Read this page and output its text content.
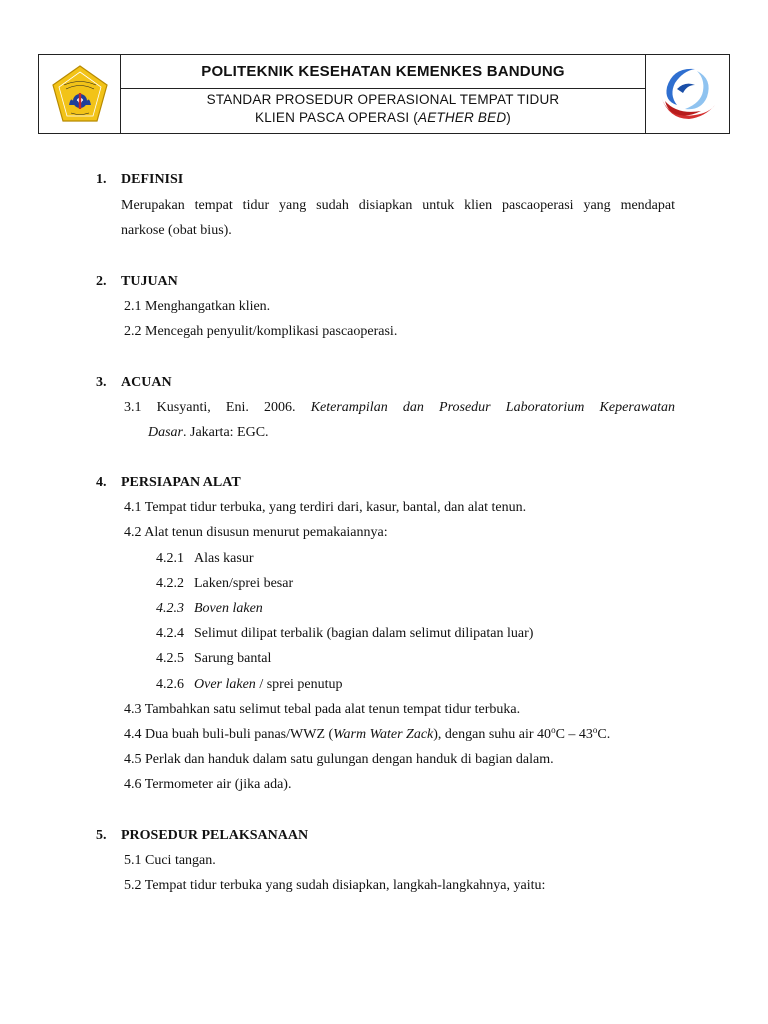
POLITEKNIK KESEHATAN KEMENKES BANDUNG
STANDAR PROSEDUR OPERASIONAL TEMPAT TIDUR
KLIEN PASCA OPERASI (AETHER BED)
1. DEFINISI
Merupakan tempat tidur yang sudah disiapkan untuk klien pascaoperasi yang mendapat
narkose (obat bius).
2. TUJUAN
2.1 Menghangatkan klien.
2.2 Mencegah penyulit/komplikasi pascaoperasi.
3. ACUAN
3.1 Kusyanti, Eni. 2006. Keterampilan dan Prosedur Laboratorium Keperawatan
Dasar. Jakarta: EGC.
4. PERSIAPAN ALAT
4.1 Tempat tidur terbuka, yang terdiri dari, kasur, bantal, dan alat tenun.
4.2 Alat tenun disusun menurut pemakaiannya:
4.2.1 Alas kasur
4.2.2 Laken/sprei besar
4.2.3 Boven laken
4.2.4 Selimut dilipat terbalik (bagian dalam selimut dilipatan luar)
4.2.5 Sarung bantal
4.2.6 Over laken / sprei penutup
4.3 Tambahkan satu selimut tebal pada alat tenun tempat tidur terbuka.
4.4 Dua buah buli-buli panas/WWZ (Warm Water Zack), dengan suhu air 40$^o$C – 43$^o$C.
4.5 Perlak dan handuk dalam satu gulungan dengan handuk di bagian dalam.
4.6 Termometer air (jika ada).
5. PROSEDUR PELAKSANAAN
5.1 Cuci tangan.
5.2 Tempat tidur terbuka yang sudah disiapkan, langkah-langkahnya, yaitu:
